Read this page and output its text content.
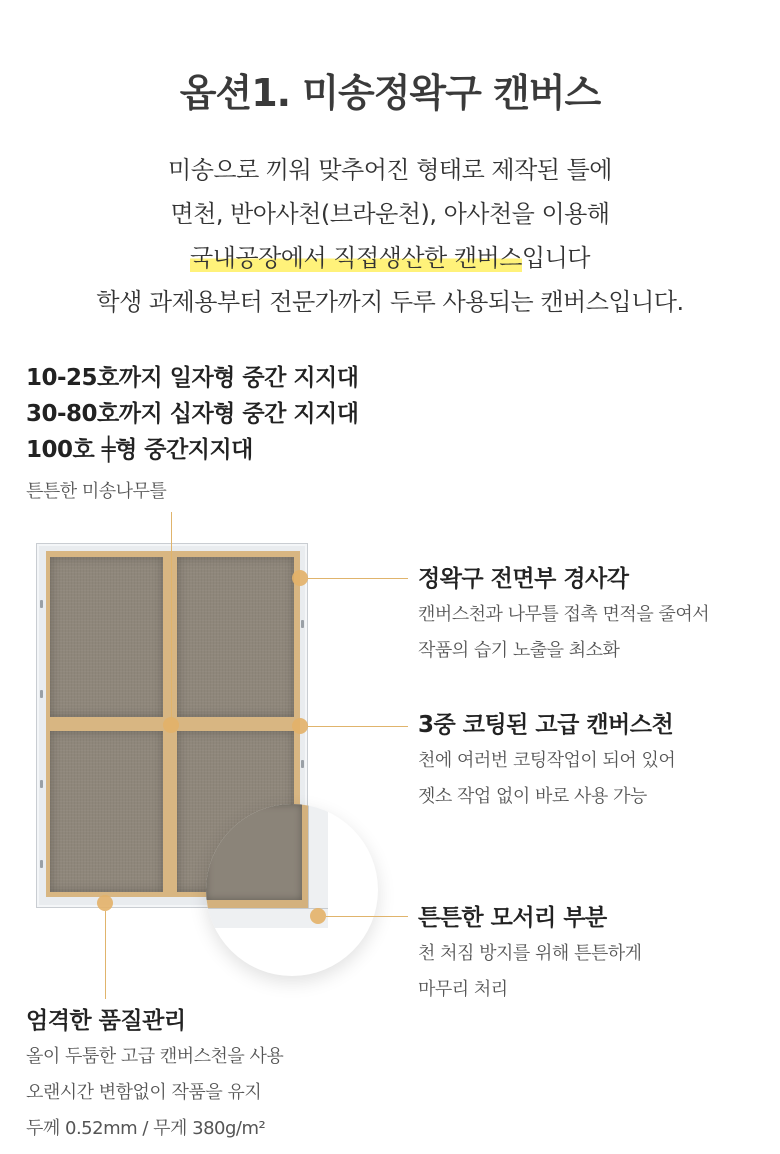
옵션1. 미송정왁구 캔버스
미송으로 끼워 맞추어진 형태로 제작된 틀에
면천, 반아사천(브라운천), 아사천을 이용해
국내공장에서 직접생산한 캔버스입니다
학생 과제용부터 전문가까지 두루 사용되는 캔버스입니다.
10-25호까지 일자형 중간 지지대
30-80호까지 십자형 중간 지지대
100호 ╪형 중간지지대
튼튼한 미송나무틀
정왁구 전면부 경사각
캔버스천과 나무틀 접촉 면적을 줄여서
작품의 습기 노출을 최소화
3중 코팅된 고급 캔버스천
천에 여러번 코팅작업이 되어 있어
젯소 작업 없이 바로 사용 가능
튼튼한 모서리 부분
천 처짐 방지를 위해 튼튼하게
마무리 처리
엄격한 품질관리
올이 두툼한 고급 캔버스천을 사용
오랜시간 변함없이 작품을 유지
두께 0.52mm / 무게 380g/m²
